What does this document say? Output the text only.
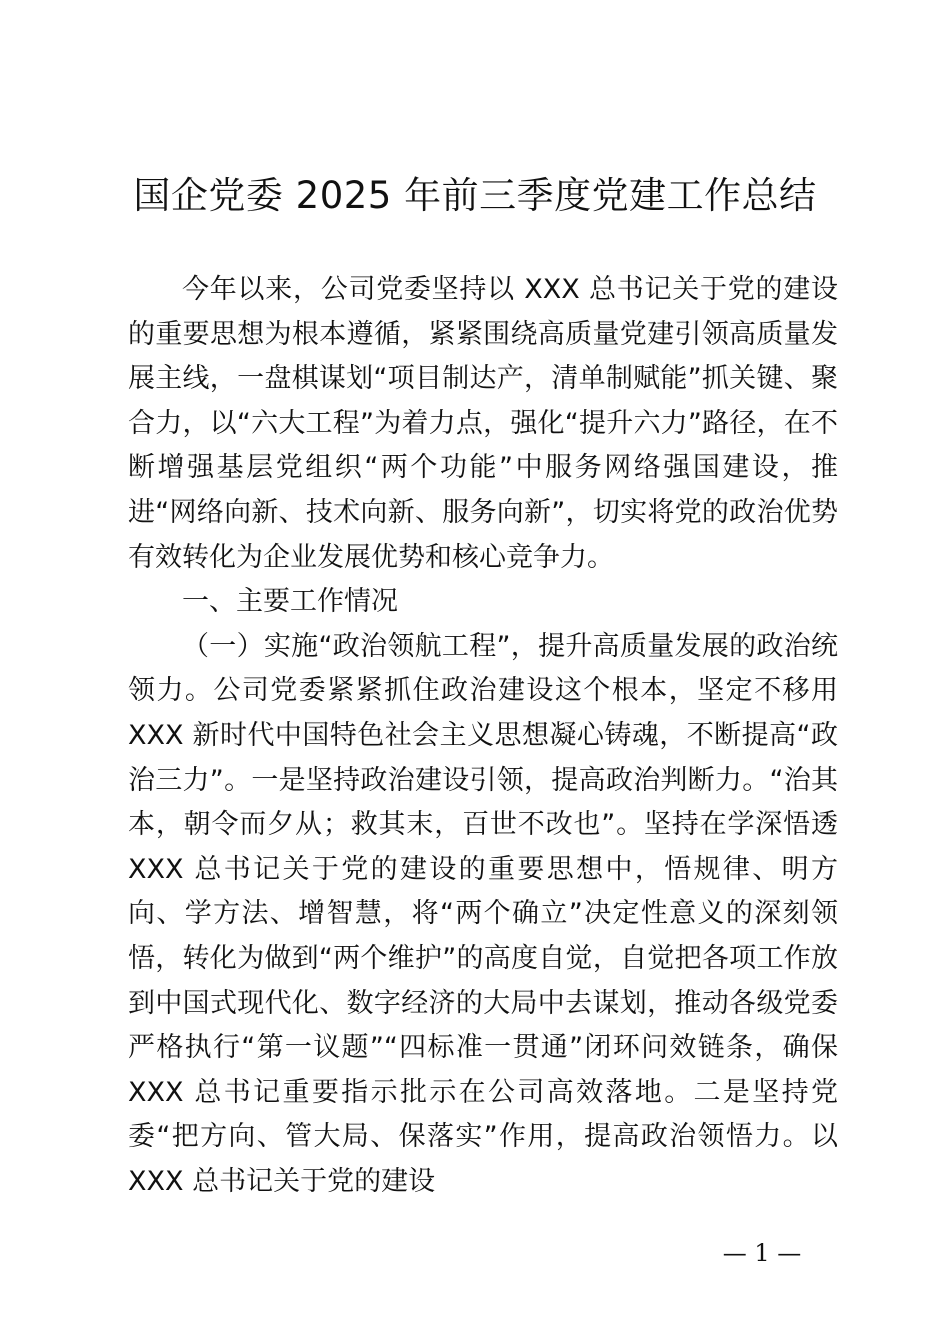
国企党委 2025 年前三季度党建工作总结

今年以来，公司党委坚持以 XXX 总书记关于党的建设的重要思想为根本遵循，紧紧围绕高质量党建引领高质量发展主线，一盘棋谋划“项目制达产，清单制赋能”抓关键、聚合力，以“六大工程”为着力点，强化“提升六力”路径，在不断增强基层党组织“两个功能”中服务网络强国建设，推进“网络向新、技术向新、服务向新”，切实将党的政治优势有效转化为企业发展优势和核心竞争力。

一、主要工作情况

（一）实施“政治领航工程”，提升高质量发展的政治统领力。公司党委紧紧抓住政治建设这个根本，坚定不移用 XXX 新时代中国特色社会主义思想凝心铸魂，不断提高“政治三力”。一是坚持政治建设引领，提高政治判断力。“治其本，朝令而夕从；救其末，百世不改也”。坚持在学深悟透 XXX 总书记关于党的建设的重要思想中，悟规律、明方向、学方法、增智慧，将“两个确立”决定性意义的深刻领悟，转化为做到“两个维护”的高度自觉，自觉把各项工作放到中国式现代化、数字经济的大局中去谋划，推动各级党委严格执行“第一议题”“四标准一贯通”闭环问效链条，确保 XXX 总书记重要指示批示在公司高效落地。二是坚持党委“把方向、管大局、保落实”作用，提高政治领悟力。以 XXX 总书记关于党的建设

— 1 —
